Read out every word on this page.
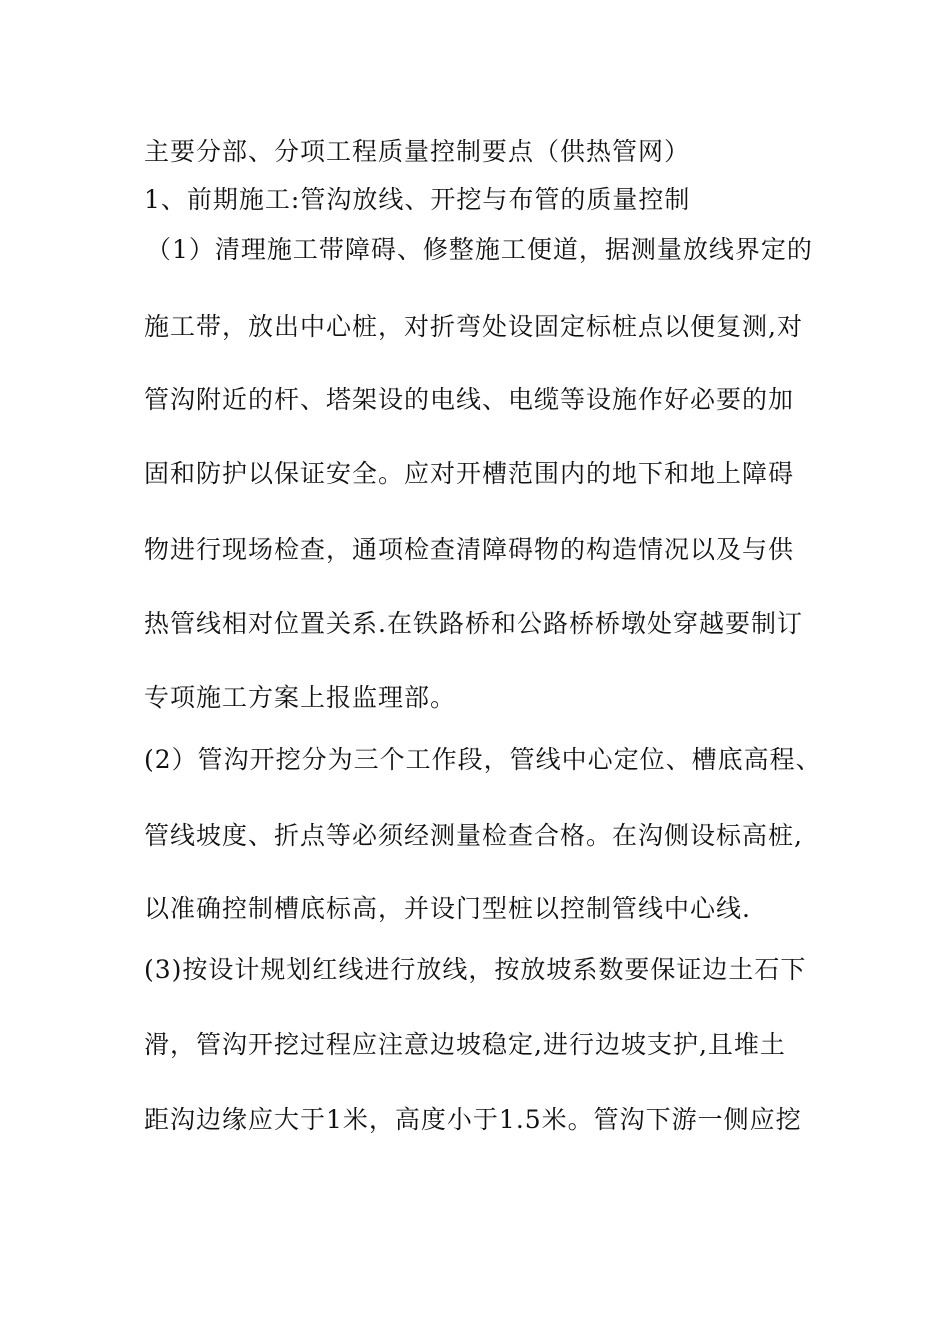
主要分部、分项工程质量控制要点（供热管网）
1、前期施工:管沟放线、开挖与布管的质量控制
（1）清理施工带障碍、修整施工便道，据测量放线界定的
施工带，放出中心桩，对折弯处设固定标桩点以便复测,对
管沟附近的杆、塔架设的电线、电缆等设施作好必要的加
固和防护以保证安全。应对开槽范围内的地下和地上障碍
物进行现场检查，通项检查清障碍物的构造情况以及与供
热管线相对位置关系.在铁路桥和公路桥桥墩处穿越要制订
专项施工方案上报监理部。
(2）管沟开挖分为三个工作段，管线中心定位、槽底高程、
管线坡度、折点等必须经测量检查合格。在沟侧设标高桩,
以准确控制槽底标高，并设门型桩以控制管线中心线.
(3)按设计规划红线进行放线，按放坡系数要保证边土石下
滑，管沟开挖过程应注意边坡稳定,进行边坡支护,且堆土
距沟边缘应大于1米，高度小于1.5米。管沟下游一侧应挖
